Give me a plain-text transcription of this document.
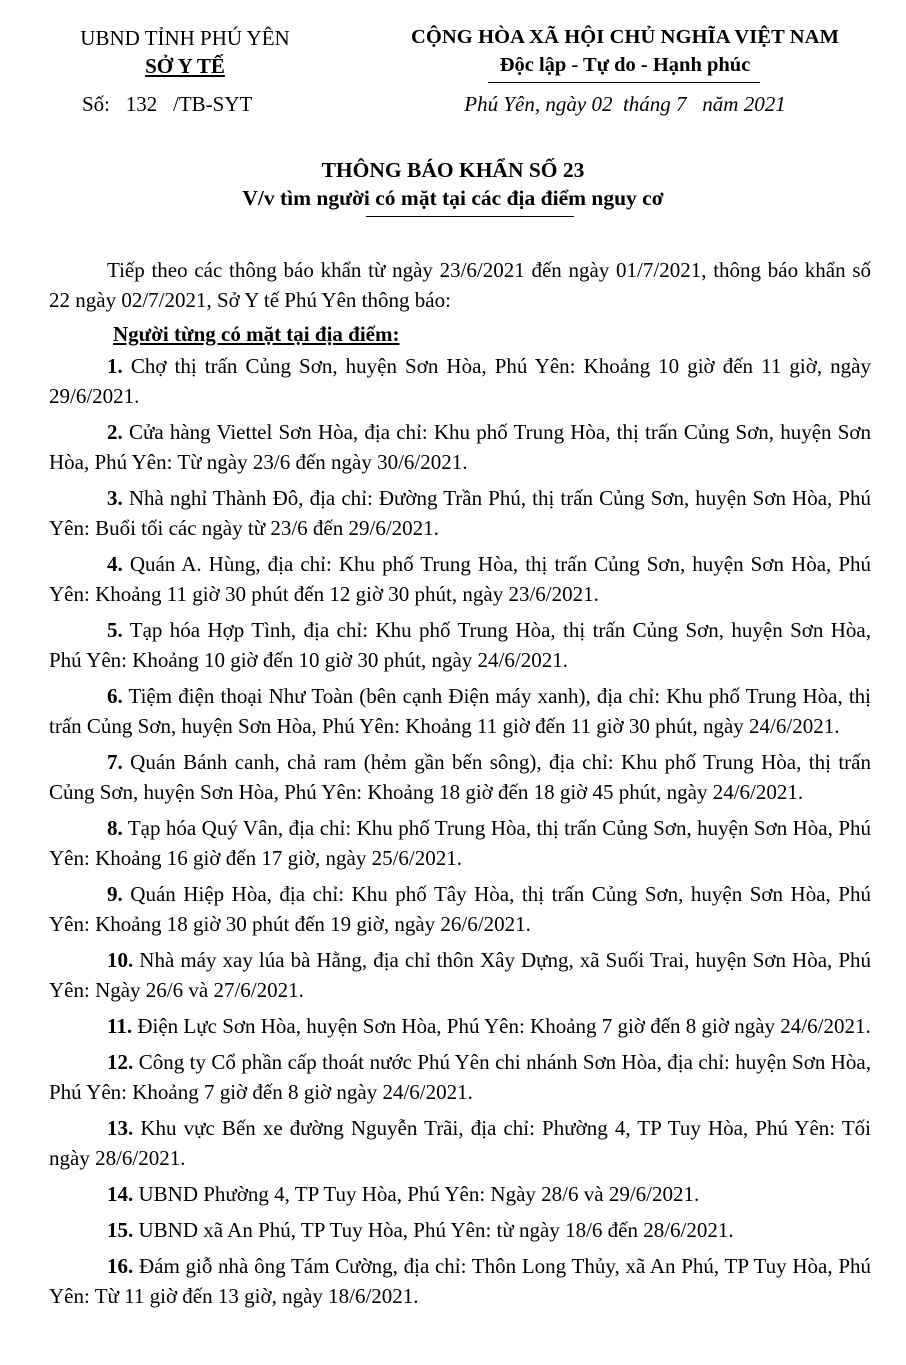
UBND TỈNH PHÚ YÊN
SỞ Y TẾ
Số:   132   /TB-SYT
CỘNG HÒA XÃ HỘI CHỦ NGHĨA VIỆT NAM
Độc lập - Tự do - Hạnh phúc
Phú Yên, ngày 02  tháng 7   năm 2021

THÔNG BÁO KHẨN SỐ 23

V/v tìm người có mặt tại các địa điểm nguy cơ

Tiếp theo các thông báo khẩn từ ngày 23/6/2021 đến ngày 01/7/2021, thông báo khẩn số 22 ngày 02/7/2021, Sở Y tế Phú Yên thông báo:

Người từng có mặt tại địa điểm:

1. Chợ thị trấn Củng Sơn, huyện Sơn Hòa, Phú Yên: Khoảng 10 giờ đến 11 giờ, ngày 29/6/2021.

2. Cửa hàng Viettel Sơn Hòa, địa chỉ: Khu phố Trung Hòa, thị trấn Củng Sơn, huyện Sơn Hòa, Phú Yên: Từ ngày 23/6 đến ngày 30/6/2021.

3. Nhà nghỉ Thành Đô, địa chỉ: Đường Trần Phú, thị trấn Củng Sơn, huyện Sơn Hòa, Phú Yên: Buổi tối các ngày từ 23/6 đến 29/6/2021.

4. Quán A. Hùng, địa chỉ: Khu phố Trung Hòa, thị trấn Củng Sơn, huyện Sơn Hòa, Phú Yên: Khoảng 11 giờ 30 phút đến 12 giờ 30 phút, ngày 23/6/2021.

5. Tạp hóa Hợp Tình, địa chỉ: Khu phố Trung Hòa, thị trấn Củng Sơn, huyện Sơn Hòa, Phú Yên: Khoảng 10 giờ đến 10 giờ 30 phút, ngày 24/6/2021.

6. Tiệm điện thoại Như Toàn (bên cạnh Điện máy xanh), địa chỉ: Khu phố Trung Hòa, thị trấn Củng Sơn, huyện Sơn Hòa, Phú Yên: Khoảng 11 giờ đến 11 giờ 30 phút, ngày 24/6/2021.

7. Quán Bánh canh, chả ram (hẻm gần bến sông), địa chỉ: Khu phố Trung Hòa, thị trấn Củng Sơn, huyện Sơn Hòa, Phú Yên: Khoảng 18 giờ đến 18 giờ 45 phút, ngày 24/6/2021.

8. Tạp hóa Quý Vân, địa chỉ: Khu phố Trung Hòa, thị trấn Củng Sơn, huyện Sơn Hòa, Phú Yên: Khoảng 16 giờ đến 17 giờ, ngày 25/6/2021.

9. Quán Hiệp Hòa, địa chỉ: Khu phố Tây Hòa, thị trấn Củng Sơn, huyện Sơn Hòa, Phú Yên: Khoảng 18 giờ 30 phút đến 19 giờ, ngày 26/6/2021.

10. Nhà máy xay lúa bà Hằng, địa chỉ thôn Xây Dựng, xã Suối Trai, huyện Sơn Hòa, Phú Yên: Ngày 26/6 và 27/6/2021.

11. Điện Lực Sơn Hòa, huyện Sơn Hòa, Phú Yên: Khoảng 7 giờ đến 8 giờ ngày 24/6/2021.

12. Công ty Cổ phần cấp thoát nước Phú Yên chi nhánh Sơn Hòa, địa chỉ: huyện Sơn Hòa, Phú Yên: Khoảng 7 giờ đến 8 giờ ngày 24/6/2021.

13. Khu vực Bến xe đường Nguyễn Trãi, địa chỉ: Phường 4, TP Tuy Hòa, Phú Yên: Tối ngày 28/6/2021.

14. UBND Phường 4, TP Tuy Hòa, Phú Yên: Ngày 28/6 và 29/6/2021.

15. UBND xã An Phú, TP Tuy Hòa, Phú Yên: từ ngày 18/6 đến 28/6/2021.

16. Đám giỗ nhà ông Tám Cường, địa chỉ: Thôn Long Thủy, xã An Phú, TP Tuy Hòa, Phú Yên: Từ 11 giờ đến 13 giờ, ngày 18/6/2021.
